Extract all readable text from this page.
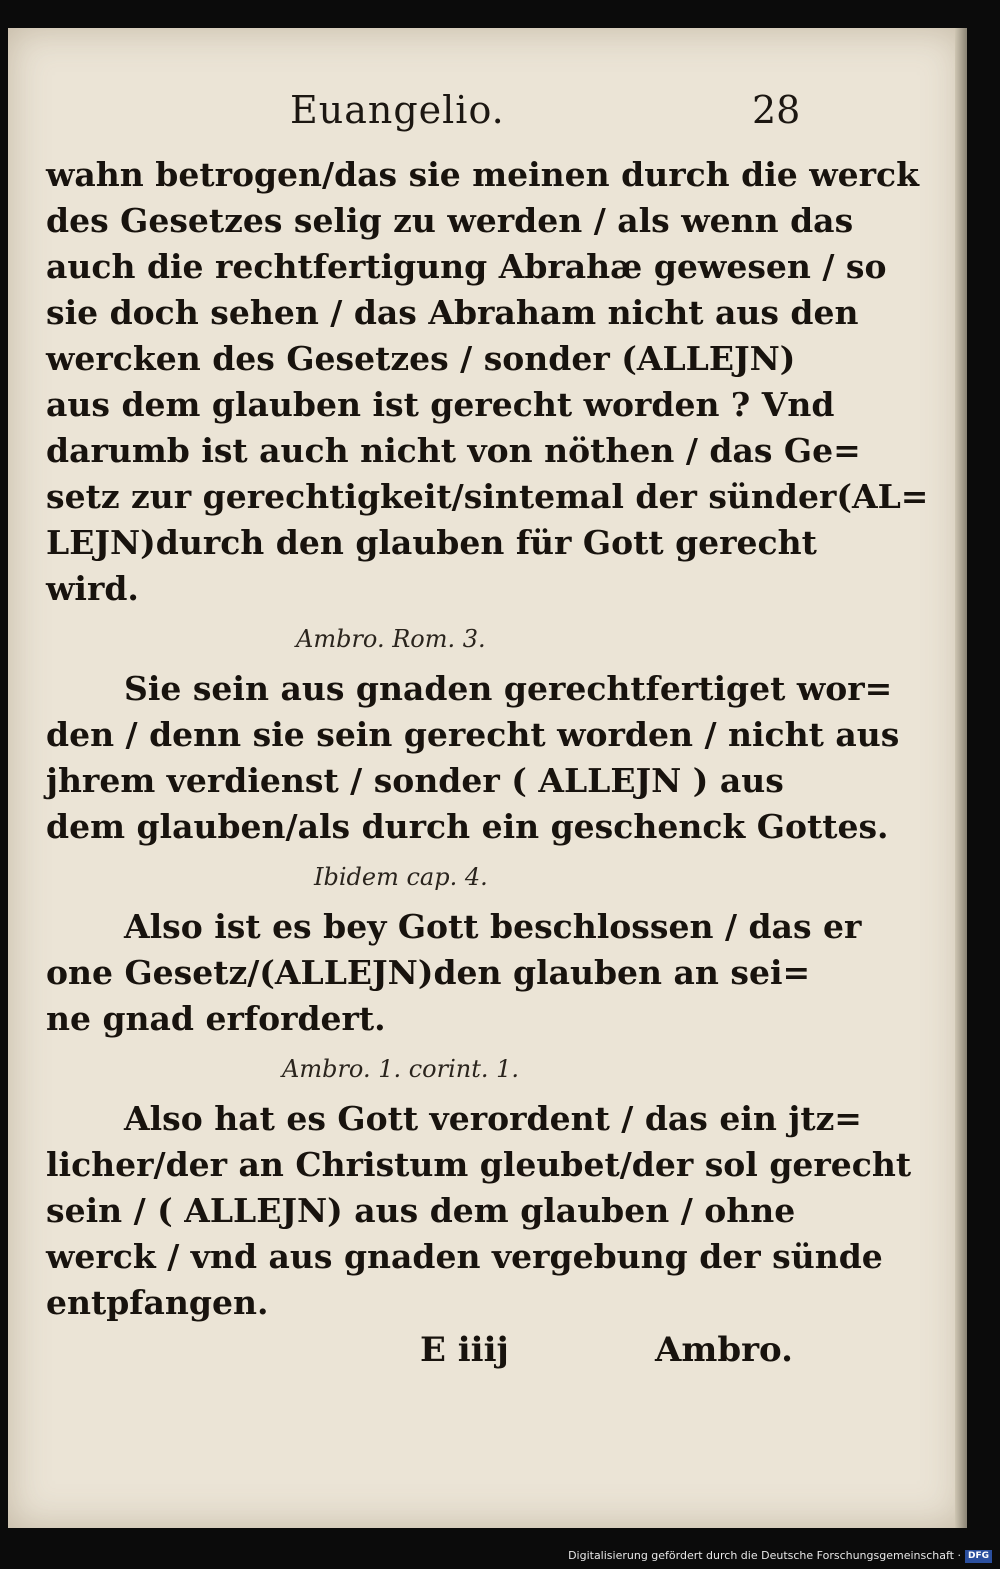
Euangelio.	28
wahn betrogen/das sie meinen durch die werck
des Gesetzes selig zu werden / als wenn das
auch die rechtfertigung Abrahæ gewesen / so
sie doch sehen / das Abraham nicht aus den
wercken des Gesetzes / sonder (ALLEJN)
aus dem glauben ist gerecht worden ? Vnd
darumb ist auch nicht von nöthen / das Ge=
setz zur gerechtigkeit/sintemal der sünder(AL=
LEJN)durch den glauben für Gott gerecht
wird.
Ambro. Rom. 3.
Sie sein aus gnaden gerechtfertiget wor=
den / denn sie sein gerecht worden / nicht aus
jhrem verdienst / sonder ( ALLEJN ) aus
dem glauben/als durch ein geschenck Gottes.
Ibidem cap. 4.
Also ist es bey Gott beschlossen / das er
one Gesetz/(ALLEJN)den glauben an sei=
ne gnad erfordert.
Ambro. 1. corint. 1.
Also hat es Gott verordent / das ein jtz=
licher/der an Christum gleubet/der sol gerecht
sein / ( ALLEJN) aus dem glauben / ohne
werck / vnd aus gnaden vergebung der sünde
entpfangen.
E iiij	Ambro.
Digitalisierung gefördert durch die Deutsche Forschungsgemeinschaft · DFG
